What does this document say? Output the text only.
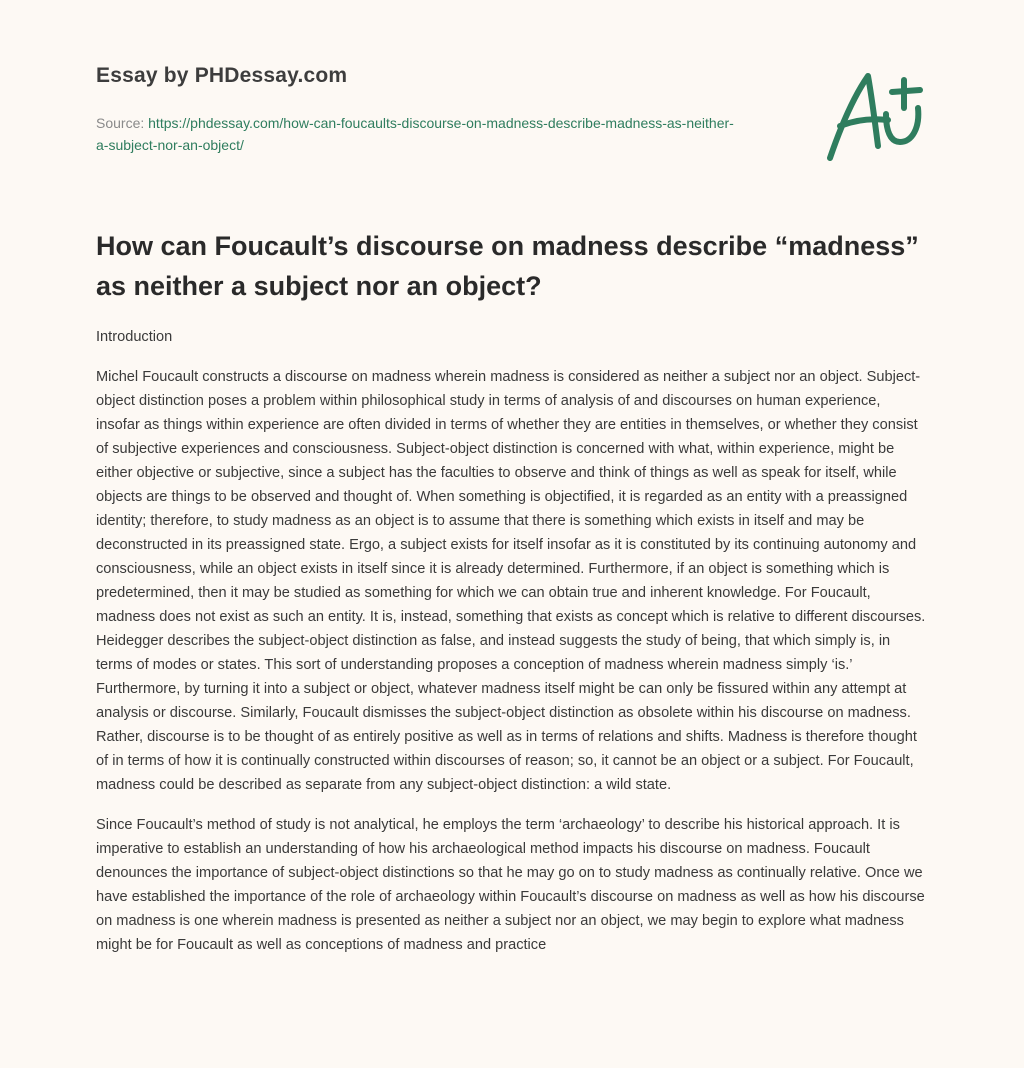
Essay by PHDessay.com
Source: https://phdessay.com/how-can-foucaults-discourse-on-madness-describe-madness-as-neither-a-subject-nor-an-object/
How can Foucault’s discourse on madness describe “madness” as neither a subject nor an object?

Introduction

Michel Foucault constructs a discourse on madness wherein madness is considered as neither a subject nor an object. Subject-object distinction poses a problem within philosophical study in terms of analysis of and discourses on human experience, insofar as things within experience are often divided in terms of whether they are entities in themselves, or whether they consist of subjective experiences and consciousness. Subject-object distinction is concerned with what, within experience, might be either objective or subjective, since a subject has the faculties to observe and think of things as well as speak for itself, while objects are things to be observed and thought of. When something is objectified, it is regarded as an entity with a preassigned identity; therefore, to study madness as an object is to assume that there is something which exists in itself and may be deconstructed in its preassigned state. Ergo, a subject exists for itself insofar as it is constituted by its continuing autonomy and consciousness, while an object exists in itself since it is already determined. Furthermore, if an object is something which is predetermined, then it may be studied as something for which we can obtain true and inherent knowledge. For Foucault, madness does not exist as such an entity. It is, instead, something that exists as concept which is relative to different discourses. Heidegger describes the subject-object distinction as false, and instead suggests the study of being, that which simply is, in terms of modes or states. This sort of understanding proposes a conception of madness wherein madness simply ‘is.’ Furthermore, by turning it into a subject or object, whatever madness itself might be can only be fissured within any attempt at analysis or discourse. Similarly, Foucault dismisses the subject-object distinction as obsolete within his discourse on madness. Rather, discourse is to be thought of as entirely positive as well as in terms of relations and shifts. Madness is therefore thought of in terms of how it is continually constructed within discourses of reason; so, it cannot be an object or a subject. For Foucault, madness could be described as separate from any subject-object distinction: a wild state.

Since Foucault’s method of study is not analytical, he employs the term ‘archaeology’ to describe his historical approach. It is imperative to establish an understanding of how his archaeological method impacts his discourse on madness. Foucault denounces the importance of subject-object distinctions so that he may go on to study madness as continually relative. Once we have established the importance of the role of archaeology within Foucault’s discourse on madness as well as how his discourse on madness is one wherein madness is presented as neither a subject nor an object, we may begin to explore what madness might be for Foucault as well as conceptions of madness and practice
